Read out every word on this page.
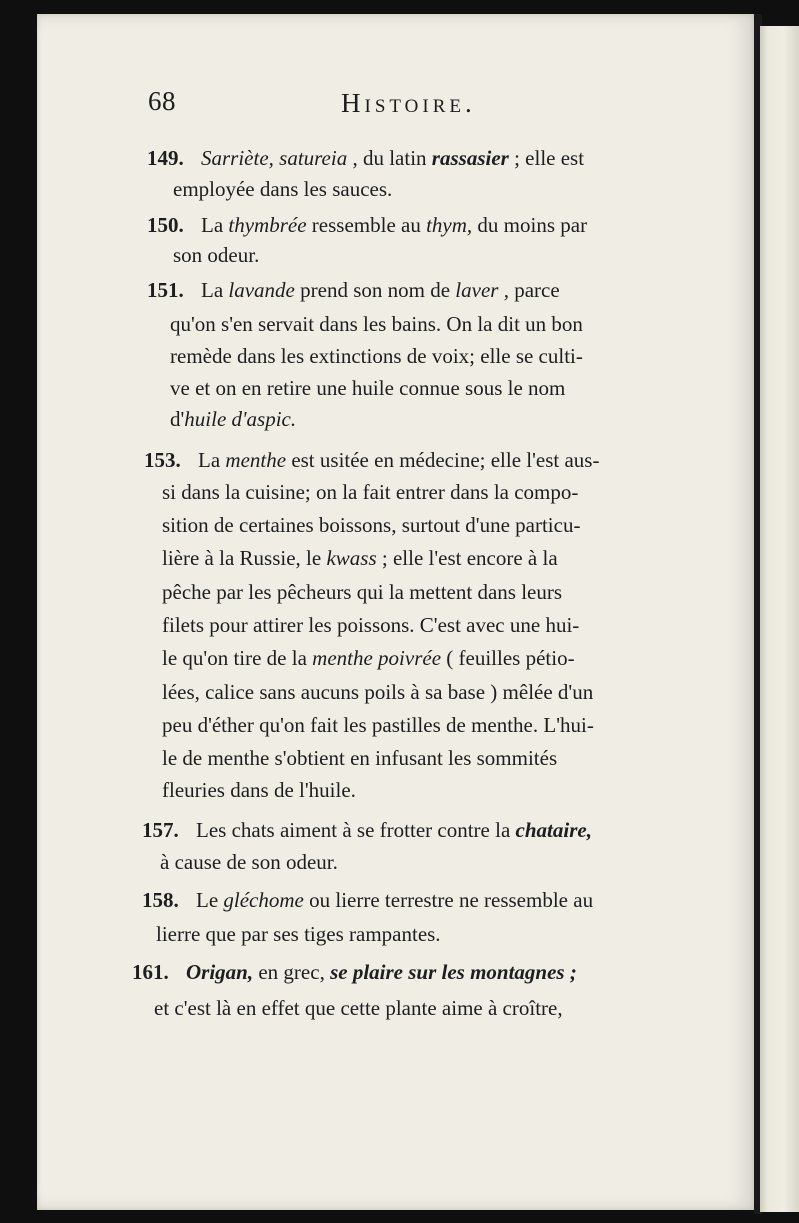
68	Histoire.
149. Sarriète, satureia , du latin rassasier ; elle est
employée dans les sauces.
150. La thymbrée ressemble au thym, du moins par
son odeur.
151. La lavande prend son nom de laver , parce
qu'on s'en servait dans les bains. On la dit un bon
remède dans les extinctions de voix; elle se culti-
ve et on en retire une huile connue sous le nom
d'huile d'aspic.
153. La menthe est usitée en médecine; elle l'est aus-
si dans la cuisine; on la fait entrer dans la compo-
sition de certaines boissons, surtout d'une particu-
lière à la Russie, le kwass ; elle l'est encore à la
pêche par les pêcheurs qui la mettent dans leurs
filets pour attirer les poissons. C'est avec une hui-
le qu'on tire de la menthe poivrée ( feuilles pétio-
lées, calice sans aucuns poils à sa base ) mêlée d'un
peu d'éther qu'on fait les pastilles de menthe. L'hui-
le de menthe s'obtient en infusant les sommités
fleuries dans de l'huile.
157. Les chats aiment à se frotter contre la chataire,
à cause de son odeur.
158. Le gléchome ou lierre terrestre ne ressemble au
lierre que par ses tiges rampantes.
161. Origan, en grec, se plaire sur les montagnes ;
et c'est là en effet que cette plante aime à croître,
